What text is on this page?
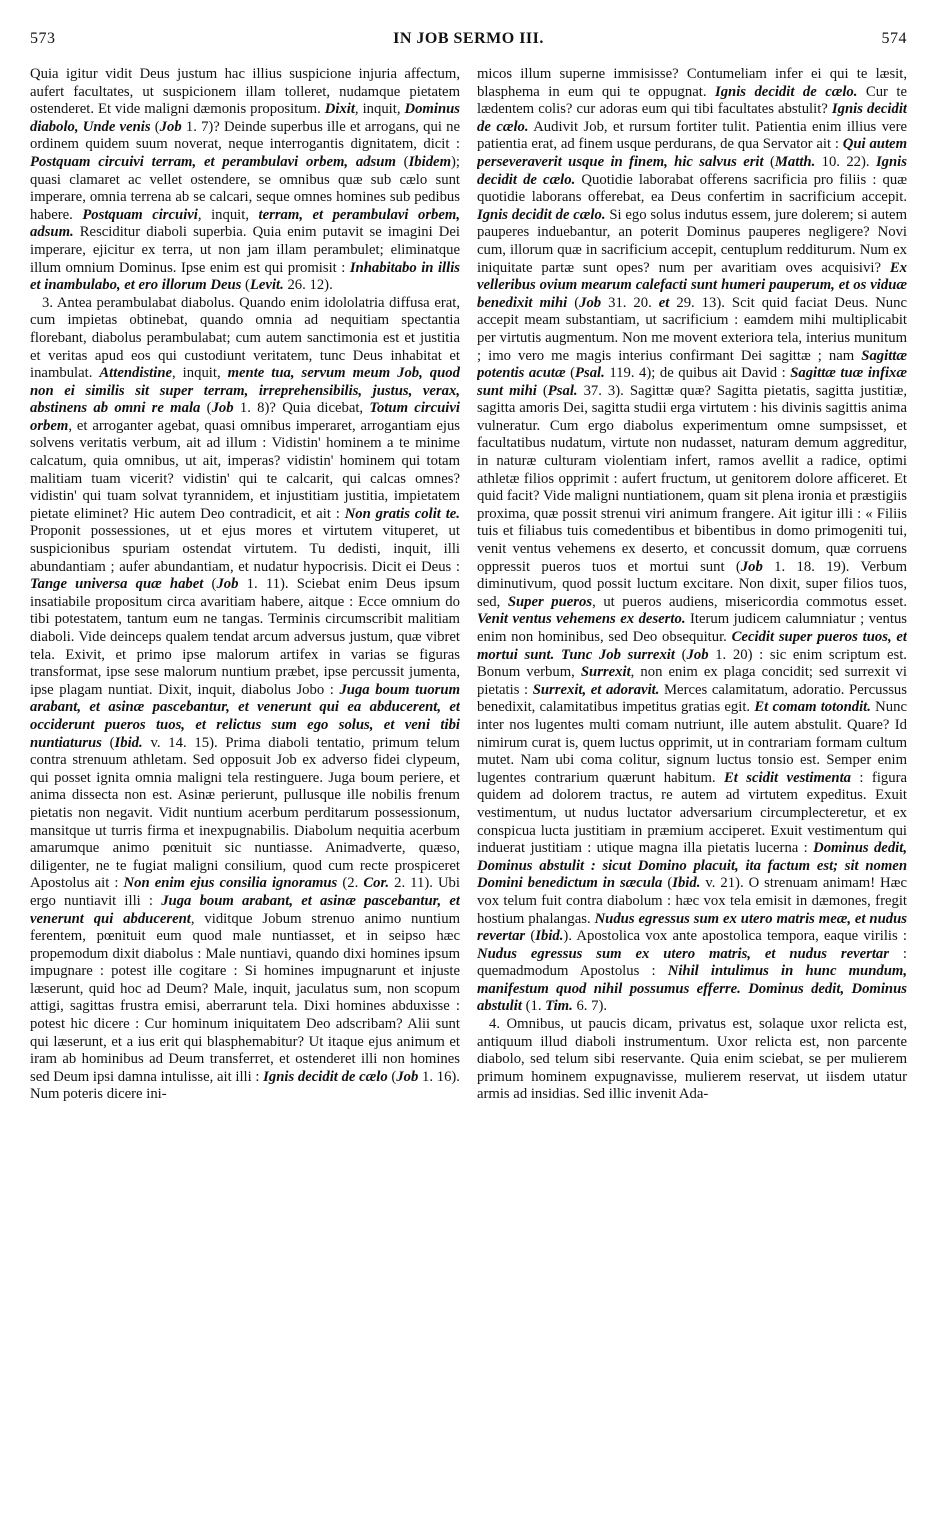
573	IN JOB SERMO III.	574

Quia igitur vidit Deus justum hac illius suspicione injuria affectum, aufert facultates, ut suspicionem illam tolleret, nudamque pietatem ostenderet. Et vide maligni dæmonis propositum. Dixit, inquit, Dominus diabolo, Unde venis (Job 1. 7)? Deinde superbus ille et arrogans, qui ne ordinem quidem suum noverat, neque interrogantis dignitatem, dicit : Postquam circuivi terram, et perambulavi orbem, adsum (Ibidem); quasi clamaret ac vellet ostendere, se omnibus quæ sub cælo sunt imperare, omnia terrena ab se calcari, seque omnes homines sub pedibus habere. Postquam circuivi, inquit, terram, et perambulavi orbem, adsum. Resciditur diaboli superbia. Quia enim putavit se imagini Dei imperare, ejicitur ex terra, ut non jam illam perambulet; eliminatque illum omnium Dominus. Ipse enim est qui promisit : Inhabitabo in illis et inambulabo, et ero illorum Deus (Levit. 26. 12).

3. Antea perambulabat diabolus. Quando enim idololatria diffusa erat, cum impietas obtinebat, quando omnia ad nequitiam spectantia florebant, diabolus perambulabat; cum autem sanctimonia est et justitia et veritas apud eos qui custodiunt veritatem, tunc Deus inhabitat et inambulat. Attendistine, inquit, mente tua, servum meum Job, quod non ei similis sit super terram, irreprehensibilis, justus, verax, abstinens ab omni re mala (Job 1. 8)? Quia dicebat, Totum circuivi orbem, et arroganter agebat, quasi omnibus imperaret, arrogantiam ejus solvens veritatis verbum, ait ad illum : Vidistin' hominem a te minime calcatum, quia omnibus, ut ait, imperas? vidistin' hominem qui totam malitiam tuam vicerit? vidistin' qui te calcarit, qui calcas omnes? vidistin' qui tuam solvat tyrannidem, et injustitiam justitia, impietatem pietate eliminet? Hic autem Deo contradicit, et ait : Non gratis colit te. Proponit possessiones, ut et ejus mores et virtutem vituperet, ut suspicionibus spuriam ostendat virtutem. Tu dedisti, inquit, illi abundantiam ; aufer abundantiam, et nudatur hypocrisis. Dicit ei Deus : Tange universa quæ habet (Job 1. 11). Sciebat enim Deus ipsum insatiabile propositum circa avaritiam habere, aitque : Ecce omnium do tibi potestatem, tantum eum ne tangas. Terminis circumscribit malitiam diaboli. Vide deinceps qualem tendat arcum adversus justum, quæ vibret tela. Exivit, et primo ipse malorum artifex in varias se figuras transformat, ipse sese malorum nuntium præbet, ipse percussit jumenta, ipse plagam nuntiat. Dixit, inquit, diabolus Jobo : Juga boum tuorum arabant, et asinæ pascebantur, et venerunt qui ea abducerent, et occiderunt pueros tuos, et relictus sum ego solus, et veni tibi nuntiaturus (Ibid. v. 14. 15). Prima diaboli tentatio, primum telum contra strenuum athletam. Sed opposuit Job ex adverso fidei clypeum, qui posset ignita omnia maligni tela restinguere. Juga boum periere, et anima dissecta non est. Asinæ perierunt, pullusque ille nobilis frenum pietatis non negavit. Vidit nuntium acerbum perditarum possessionum, mansitque ut turris firma et inexpugnabilis. Diabolum nequitia acerbum amarumque animo pœnituit sic nuntiasse. Animadverte, quæso, diligenter, ne te fugiat maligni consilium, quod cum recte prospiceret Apostolus ait : Non enim ejus consilia ignoramus (2. Cor. 2. 11). Ubi ergo nuntiavit illi : Juga boum arabant, et asinæ pascebantur, et venerunt qui abducerent, viditque Jobum strenuo animo nuntium ferentem, pœnituit eum quod male nuntiasset, et in seipso hæc propemodum dixit diabolus : Male nuntiavi, quando dixi homines ipsum impugnare : potest ille cogitare : Si homines impugnarunt et injuste læserunt, quid hoc ad Deum? Male, inquit, jaculatus sum, non scopum attigi, sagittas frustra emisi, aberrarunt tela. Dixi homines abduxisse : potest hic dicere : Cur hominum iniquitatem Deo adscribam? Alii sunt qui læserunt, et a ius erit qui blasphemabitur? Ut itaque ejus animum et iram ab hominibus ad Deum transferret, et ostenderet illi non homines sed Deum ipsi damna intulisse, ait illi : Ignis decidit de cælo (Job 1. 16). Num poteris dicere ini-

micos illum superne immisisse? Contumeliam infer ei qui te læsit, blasphema in eum qui te oppugnat. Ignis decidit de cælo. Cur te lædentem colis? cur adoras eum qui tibi facultates abstulit? Ignis decidit de cælo. Audivit Job, et rursum fortiter tulit. Patientia enim illius vere patientia erat, ad finem usque perdurans, de qua Servator ait : Qui autem perseveraverit usque in finem, hic salvus erit (Matth. 10. 22). Ignis decidit de cælo. Quotidie laborabat offerens sacrificia pro filiis : quæ quotidie laborans offerebat, ea Deus confertim in sacrificium accepit. Ignis decidit de cælo. Si ego solus indutus essem, jure dolerem; si autem pauperes induebantur, an poterit Dominus pauperes negligere? Novi cum, illorum quæ in sacrificium accepit, centuplum redditurum. Num ex iniquitate partæ sunt opes? num per avaritiam oves acquisivi? Ex velleribus ovium mearum calefacti sunt humeri pauperum, et os viduæ benedixit mihi (Job 31. 20. et 29. 13). Scit quid faciat Deus. Nunc accepit meam substantiam, ut sacrificium : eamdem mihi multiplicabit per virtutis augmentum. Non me movent exteriora tela, interius munitum ; imo vero me magis interius confirmant Dei sagittæ ; nam Sagittæ potentis acutæ (Psal. 119. 4); de quibus ait David : Sagittæ tuæ infixæ sunt mihi (Psal. 37. 3). Sagittæ quæ? Sagitta pietatis, sagitta justitiæ, sagitta amoris Dei, sagitta studii erga virtutem : his divinis sagittis anima vulneratur. Cum ergo diabolus experimentum omne sumpsisset, et facultatibus nudatum, virtute non nudasset, naturam demum aggreditur, in naturæ culturam violentiam infert, ramos avellit a radice, optimi athletæ filios opprimit : aufert fructum, ut genitorem dolore afficeret. Et quid facit? Vide maligni nuntiationem, quam sit plena ironia et præstigiis proxima, quæ possit strenui viri animum frangere. Ait igitur illi : « Filiis tuis et filiabus tuis comedentibus et bibentibus in domo primogeniti tui, venit ventus vehemens ex deserto, et concussit domum, quæ corruens oppressit pueros tuos et mortui sunt (Job 1. 18. 19). Verbum diminutivum, quod possit luctum excitare. Non dixit, super filios tuos, sed, Super pueros, ut pueros audiens, misericordia commotus esset. Venit ventus vehemens ex deserto. Iterum judicem calumniatur ; ventus enim non hominibus, sed Deo obsequitur. Cecidit super pueros tuos, et mortui sunt. Tunc Job surrexit (Job 1. 20) : sic enim scriptum est. Bonum verbum, Surrexit, non enim ex plaga concidit; sed surrexit vi pietatis : Surrexit, et adoravit. Merces calamitatum, adoratio. Percussus benedixit, calamitatibus impetitus gratias egit. Et comam totondit. Nunc inter nos lugentes multi comam nutriunt, ille autem abstulit. Quare? Id nimirum curat is, quem luctus opprimit, ut in contrariam formam cultum mutet. Nam ubi coma colitur, signum luctus tonsio est. Semper enim lugentes contrarium quærunt habitum. Et scidit vestimenta : figura quidem ad dolorem tractus, re autem ad virtutem expeditus. Exuit vestimentum, ut nudus luctator adversarium circumplecteretur, et ex conspicua lucta justitiam in præmium acciperet. Exuit vestimentum qui induerat justitiam : utique magna illa pietatis lucerna : Dominus dedit, Dominus abstulit : sicut Domino placuit, ita factum est; sit nomen Domini benedictum in sæcula (Ibid. v. 21). O strenuam animam! Hæc vox telum fuit contra diabolum : hæc vox tela emisit in dæmones, fregit hostium phalangas. Nudus egressus sum ex utero matris meæ, et nudus revertar (Ibid.). Apostolica vox ante apostolica tempora, eaque virilis : Nudus egressus sum ex utero matris, et nudus revertar : quemadmodum Apostolus : Nihil intulimus in hunc mundum, manifestum quod nihil possumus efferre. Dominus dedit, Dominus abstulit (1. Tim. 6. 7).

4. Omnibus, ut paucis dicam, privatus est, solaque uxor relicta est, antiquum illud diaboli instrumentum. Uxor relicta est, non parcente diabolo, sed telum sibi reservante. Quia enim sciebat, se per mulierem primum hominem expugnavisse, mulierem reservat, ut iisdem utatur armis ad insidias. Sed illic invenit Ada-
